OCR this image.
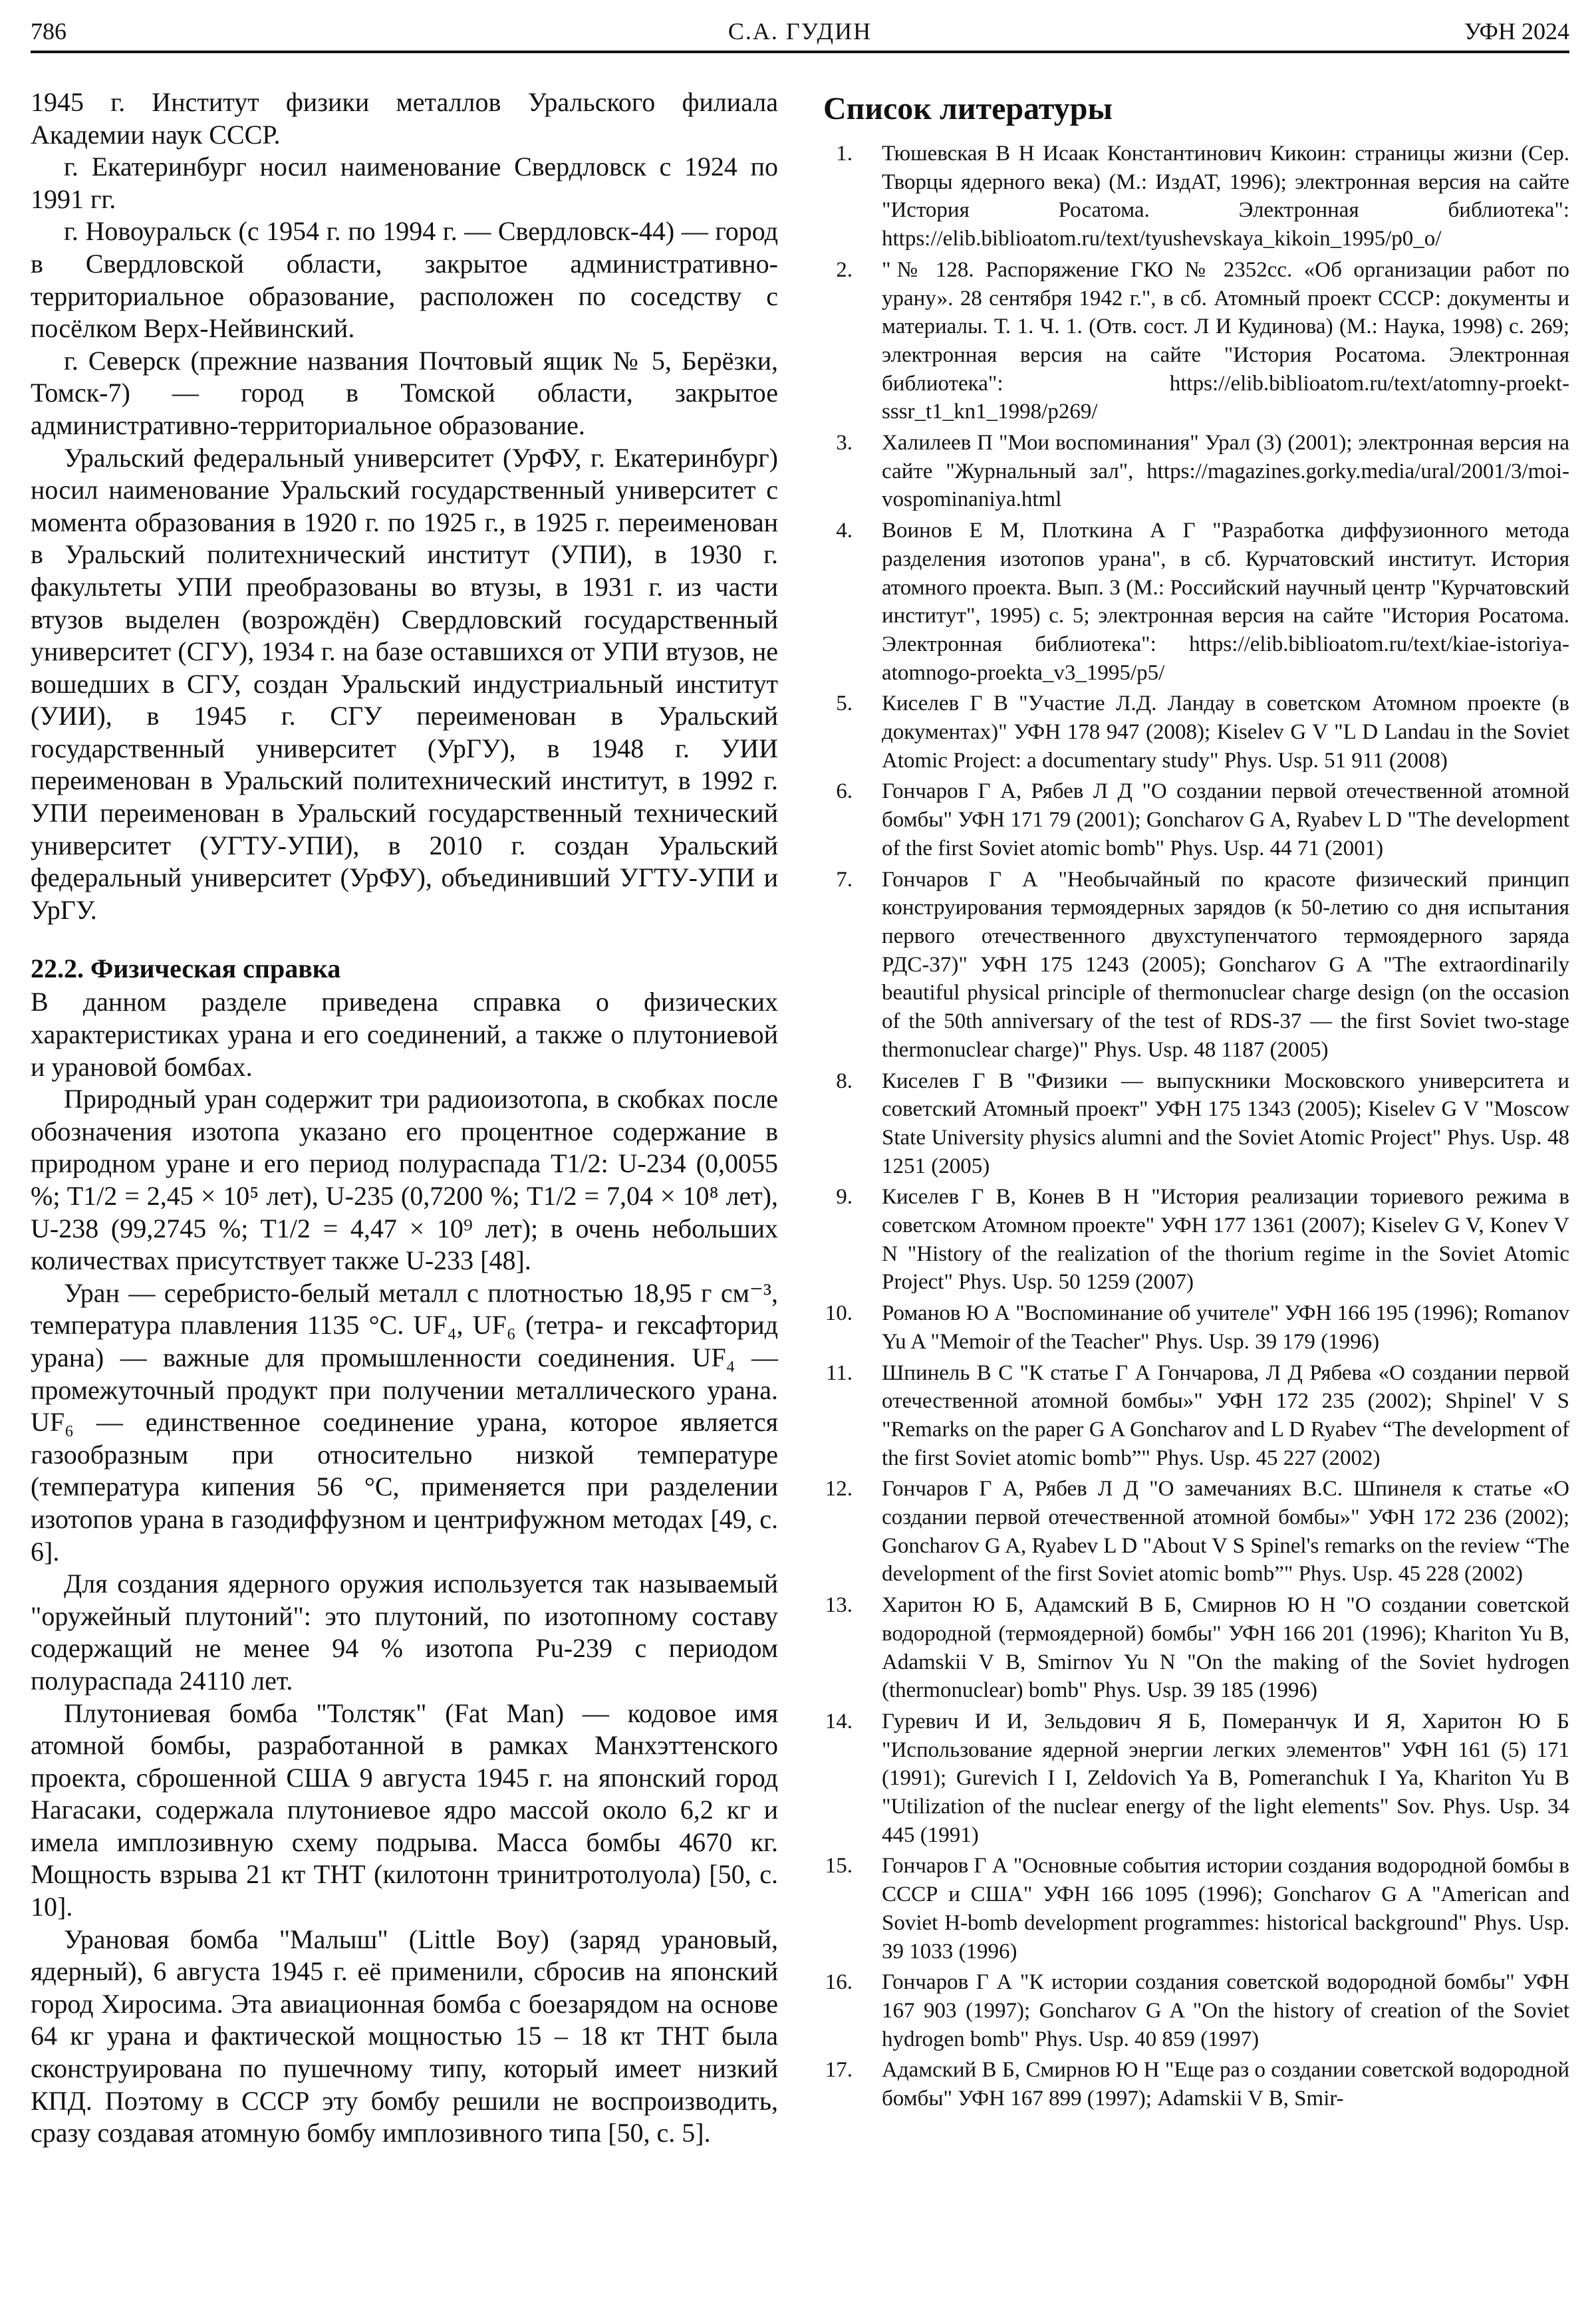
786	С.А. ГУДИН	УФН 2024

1945 г. Институт физики металлов Уральского филиала Академии наук СССР.

г. Екатеринбург носил наименование Свердловск с 1924 по 1991 гг.

г. Новоуральск (с 1954 г. по 1994 г. — Свердловск-44) — город в Свердловской области, закрытое административно-территориальное образование, расположен по соседству с посёлком Верх-Нейвинский.

г. Северск (прежние названия Почтовый ящик № 5, Берёзки, Томск-7) — город в Томской области, закрытое административно-территориальное образование.

Уральский федеральный университет (УрФУ, г. Екатеринбург) носил наименование Уральский государственный университет с момента образования в 1920 г. по 1925 г., в 1925 г. переименован в Уральский политехнический институт (УПИ), в 1930 г. факультеты УПИ преобразованы во втузы, в 1931 г. из части втузов выделен (возрождён) Свердловский государственный университет (СГУ), 1934 г. на базе оставшихся от УПИ втузов, не вошедших в СГУ, создан Уральский индустриальный институт (УИИ), в 1945 г. СГУ переименован в Уральский государственный университет (УрГУ), в 1948 г. УИИ переименован в Уральский политехнический институт, в 1992 г. УПИ переименован в Уральский государственный технический университет (УГТУ-УПИ), в 2010 г. создан Уральский федеральный университет (УрФУ), объединивший УГТУ-УПИ и УрГУ.

22.2. Физическая справка

В данном разделе приведена справка о физических характеристиках урана и его соединений, а также о плутониевой и урановой бомбах.

Природный уран содержит три радиоизотопа, в скобках после обозначения изотопа указано его процентное содержание в природном уране и его период полураспада T1/2: U-234 (0,0055 %; T1/2 = 2,45 × 10⁵ лет), U-235 (0,7200 %; T1/2 = 7,04 × 10⁸ лет), U-238 (99,2745 %; T1/2 = 4,47 × 10⁹ лет); в очень небольших количествах присутствует также U-233 [48].

Уран — серебристо-белый металл с плотностью 18,95 г см⁻³, температура плавления 1135 °C. UF₄, UF₆ (тетра- и гексафторид урана) — важные для промышленности соединения. UF₄ — промежуточный продукт при получении металлического урана. UF₆ — единственное соединение урана, которое является газообразным при относительно низкой температуре (температура кипения 56 °C, применяется при разделении изотопов урана в газодиффузном и центрифужном методах [49, с. 6].

Для создания ядерного оружия используется так называемый "оружейный плутоний": это плутоний, по изотопному составу содержащий не менее 94 % изотопа Pu-239 с периодом полураспада 24110 лет.

Плутониевая бомба "Толстяк" (Fat Man) — кодовое имя атомной бомбы, разработанной в рамках Манхэттенского проекта, сброшенной США 9 августа 1945 г. на японский город Нагасаки, содержала плутониевое ядро массой около 6,2 кг и имела имплозивную схему подрыва. Масса бомбы 4670 кг. Мощность взрыва 21 кт ТНТ (килотонн тринитротолуола) [50, с. 10].

Урановая бомба "Малыш" (Little Boy) (заряд урановый, ядерный), 6 августа 1945 г. её применили, сбросив на японский город Хиросима. Эта авиационная бомба с боезарядом на основе 64 кг урана и фактической мощностью 15 – 18 кт ТНТ была сконструирована по пушечному типу, который имеет низкий КПД. Поэтому в СССР эту бомбу решили не воспроизводить, сразу создавая атомную бомбу имплозивного типа [50, с. 5].

Список литературы
1.	Тюшевская В Н Исаак Константинович Кикоин: страницы жизни (Сер. Творцы ядерного века) (М.: ИздАТ, 1996); электронная версия на сайте "История Росатома. Электронная библиотека": https://elib.biblioatom.ru/text/tyushevskaya_kikoin_1995/p0_o/
2.	"№ 128. Распоряжение ГКО № 2352сс. «Об организации работ по урану». 28 сентября 1942 г.", в сб. Атомный проект СССР: документы и материалы. Т. 1. Ч. 1. (Отв. сост. Л И Кудинова) (М.: Наука, 1998) с. 269; электронная версия на сайте "История Росатома. Электронная библиотека": https://elib.biblioatom.ru/text/atomny-proekt-sssr_t1_kn1_1998/p269/
3.	Халилеев П "Мои воспоминания" Урал (3) (2001); электронная версия на сайте "Журнальный зал", https://magazines.gorky.media/ural/2001/3/moi-vospominaniya.html
4.	Воинов Е М, Плоткина А Г "Разработка диффузионного метода разделения изотопов урана", в сб. Курчатовский институт. История атомного проекта. Вып. 3 (М.: Российский научный центр "Курчатовский институт", 1995) с. 5; электронная версия на сайте "История Росатома. Электронная библиотека": https://elib.biblioatom.ru/text/kiae-istoriya-atomnogo-proekta_v3_1995/p5/
5.	Киселев Г В "Участие Л.Д. Ландау в советском Атомном проекте (в документах)" УФН 178 947 (2008); Kiselev G V "L D Landau in the Soviet Atomic Project: a documentary study" Phys. Usp. 51 911 (2008)
6.	Гончаров Г А, Рябев Л Д "О создании первой отечественной атомной бомбы" УФН 171 79 (2001); Goncharov G A, Ryabev L D "The development of the first Soviet atomic bomb" Phys. Usp. 44 71 (2001)
7.	Гончаров Г А "Необычайный по красоте физический принцип конструирования термоядерных зарядов (к 50-летию со дня испытания первого отечественного двухступенчатого термоядерного заряда РДС-37)" УФН 175 1243 (2005); Goncharov G A "The extraordinarily beautiful physical principle of thermonuclear charge design (on the occasion of the 50th anniversary of the test of RDS-37 — the first Soviet two-stage thermonuclear charge)" Phys. Usp. 48 1187 (2005)
8.	Киселев Г В "Физики — выпускники Московского университета и советский Атомный проект" УФН 175 1343 (2005); Kiselev G V "Moscow State University physics alumni and the Soviet Atomic Project" Phys. Usp. 48 1251 (2005)
9.	Киселев Г В, Конев В Н "История реализации ториевого режима в советском Атомном проекте" УФН 177 1361 (2007); Kiselev G V, Konev V N "History of the realization of the thorium regime in the Soviet Atomic Project" Phys. Usp. 50 1259 (2007)
10.	Романов Ю А "Воспоминание об учителе" УФН 166 195 (1996); Romanov Yu A "Memoir of the Teacher" Phys. Usp. 39 179 (1996)
11.	Шпинель В С "К статье Г А Гончарова, Л Д Рябева «О создании первой отечественной атомной бомбы»" УФН 172 235 (2002); Shpinel' V S "Remarks on the paper G A Goncharov and L D Ryabev “The development of the first Soviet atomic bomb”" Phys. Usp. 45 227 (2002)
12.	Гончаров Г А, Рябев Л Д "О замечаниях В.С. Шпинеля к статье «О создании первой отечественной атомной бомбы»" УФН 172 236 (2002); Goncharov G A, Ryabev L D "About V S Spinel's remarks on the review “The development of the first Soviet atomic bomb”" Phys. Usp. 45 228 (2002)
13.	Харитон Ю Б, Адамский В Б, Смирнов Ю Н "О создании советской водородной (термоядерной) бомбы" УФН 166 201 (1996); Khariton Yu B, Adamskii V B, Smirnov Yu N "On the making of the Soviet hydrogen (thermonuclear) bomb" Phys. Usp. 39 185 (1996)
14.	Гуревич И И, Зельдович Я Б, Померанчук И Я, Харитон Ю Б "Использование ядерной энергии легких элементов" УФН 161 (5) 171 (1991); Gurevich I I, Zeldovich Ya B, Pomeranchuk I Ya, Khariton Yu B "Utilization of the nuclear energy of the light elements" Sov. Phys. Usp. 34 445 (1991)
15.	Гончаров Г А "Основные события истории создания водородной бомбы в СССР и США" УФН 166 1095 (1996); Goncharov G A "American and Soviet H-bomb development programmes: historical background" Phys. Usp. 39 1033 (1996)
16.	Гончаров Г А "К истории создания советской водородной бомбы" УФН 167 903 (1997); Goncharov G A "On the history of creation of the Soviet hydrogen bomb" Phys. Usp. 40 859 (1997)
17.	Адамский В Б, Смирнов Ю Н "Еще раз о создании советской водородной бомбы" УФН 167 899 (1997); Adamskii V B, Smir-
